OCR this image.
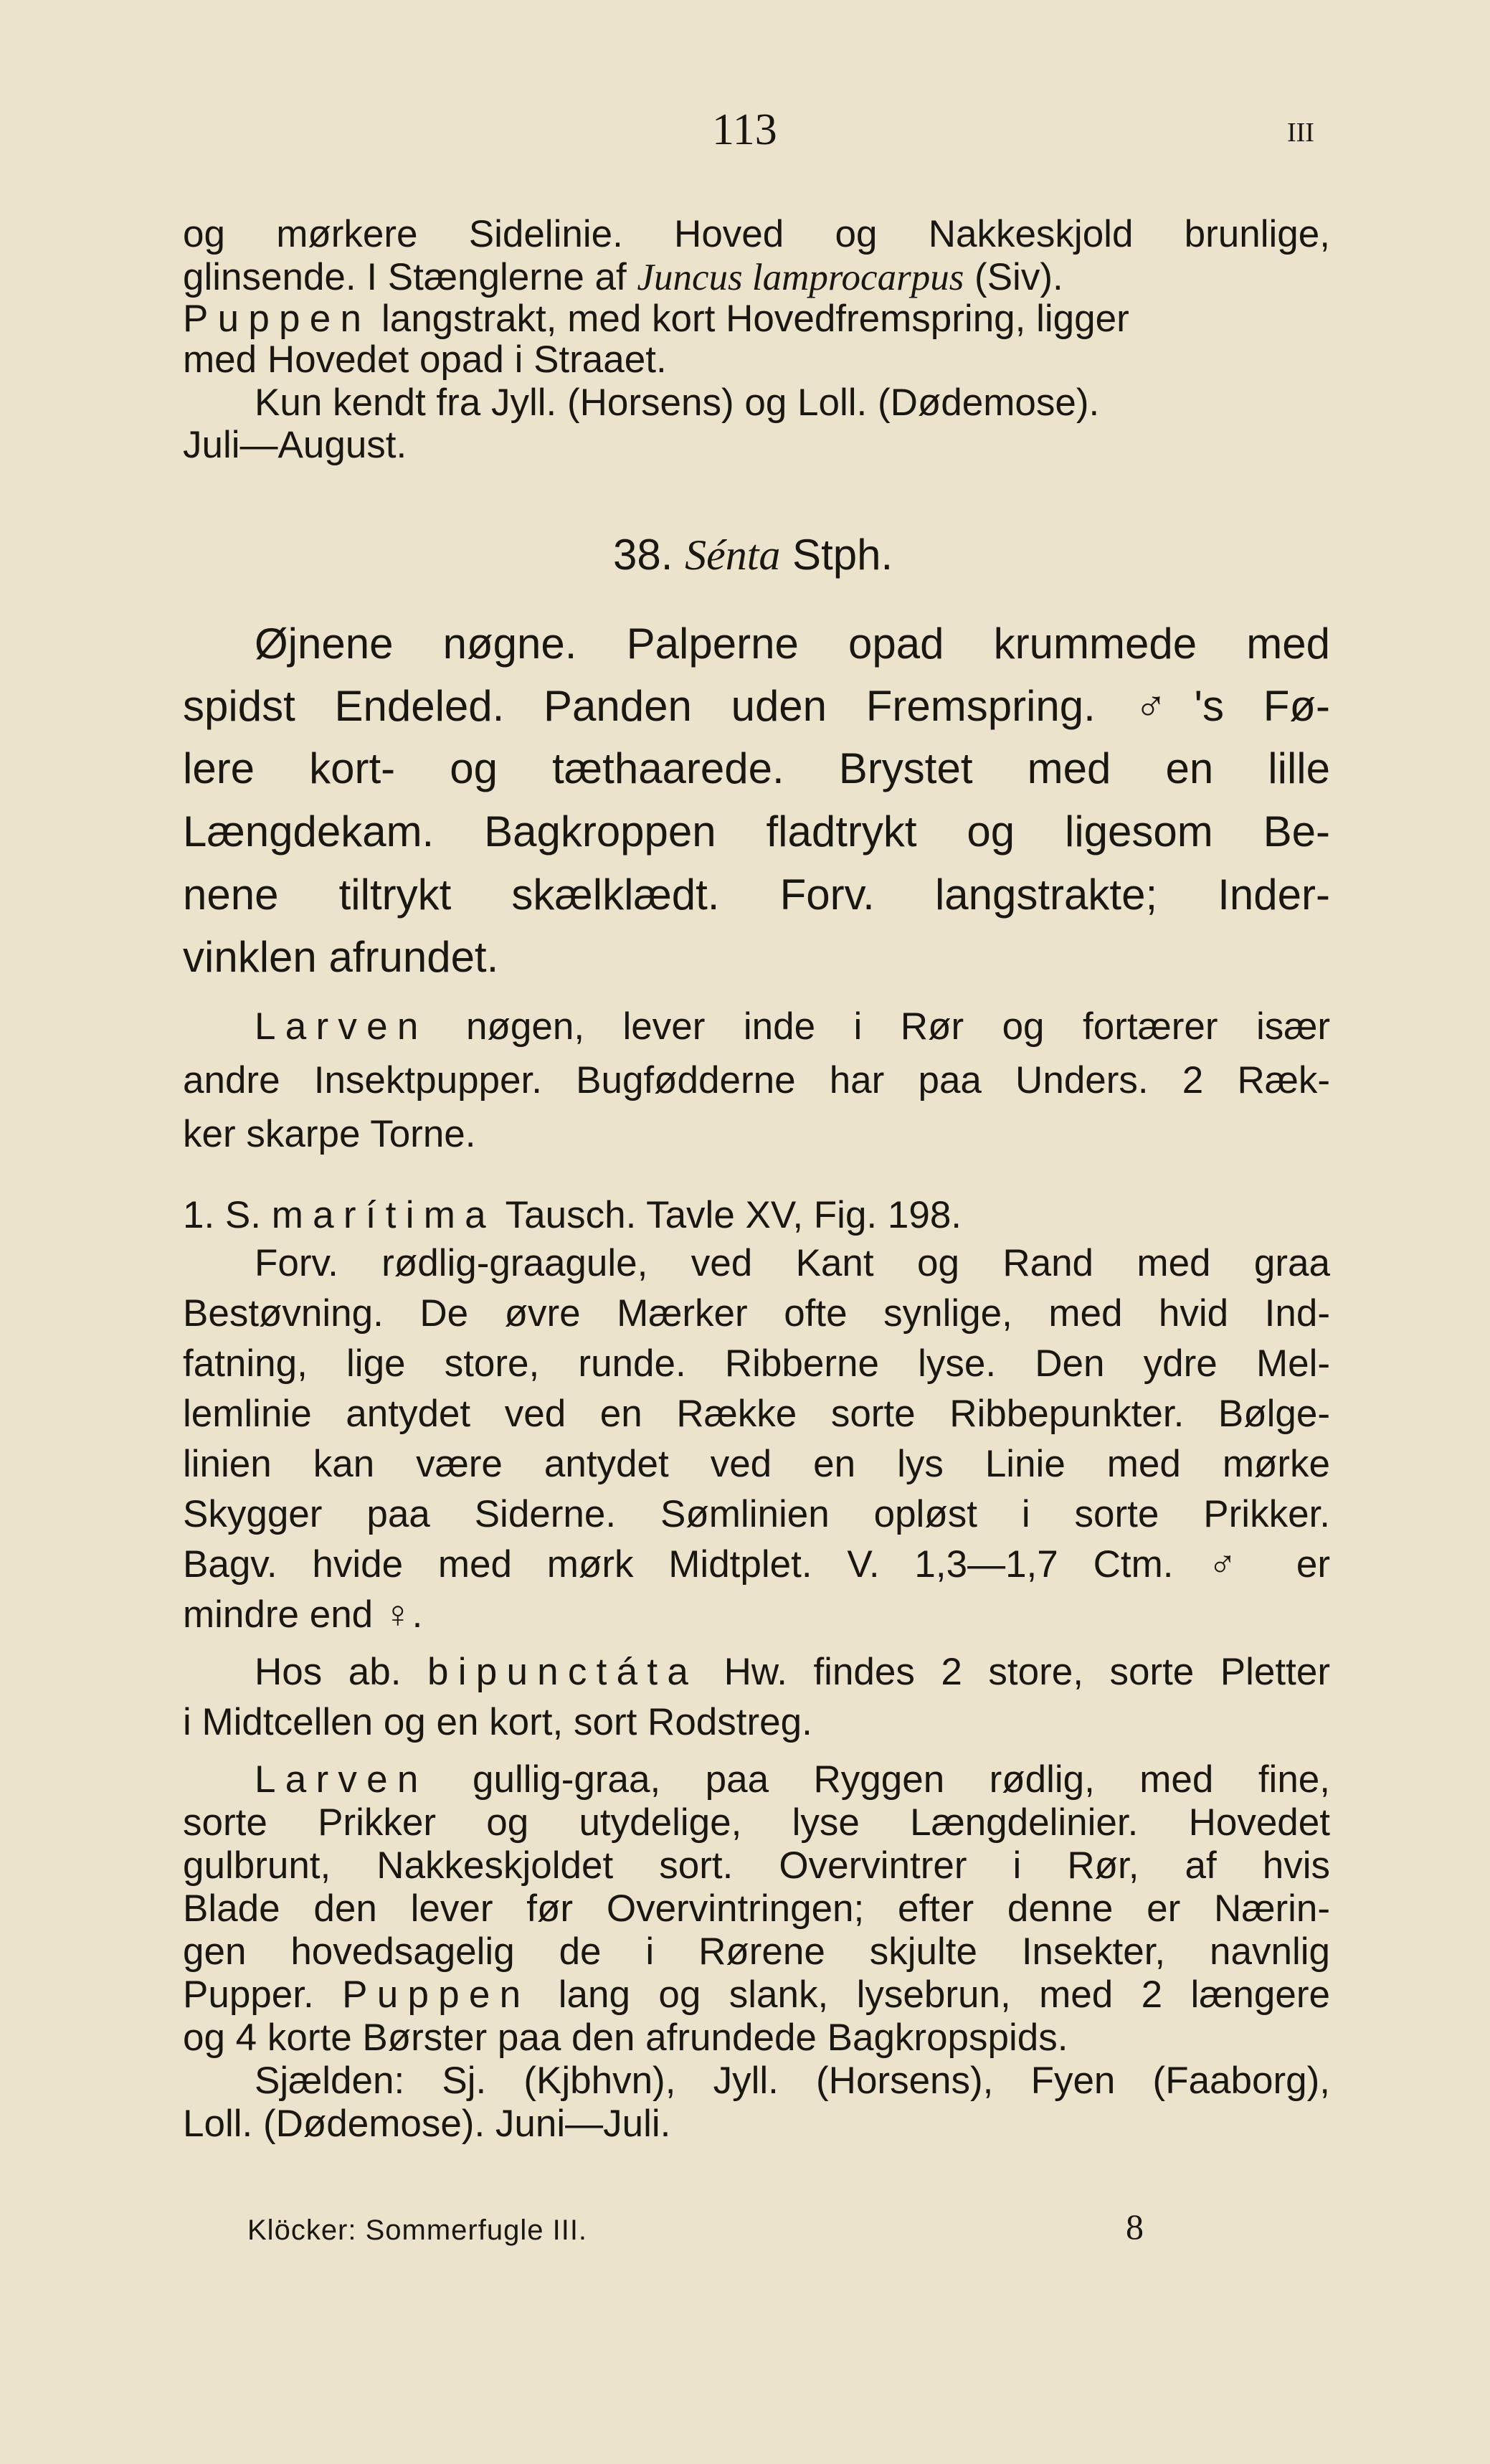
113	III
og mørkere Sidelinie. Hoved og Nakkeskjold brunlige,
glinsende. I Stænglerne af Juncus lamprocarpus (Siv).
Puppen langstrakt, med kort Hovedfremspring, ligger
med Hovedet opad i Straaet.
Kun kendt fra Jyll. (Horsens) og Loll. (Dødemose).
Juli—August.
38. Sénta Stph.
Øjnene nøgne. Palperne opad krummede med
spidst Endeled. Panden uden Fremspring. ♂'s Fø-
lere kort- og tæthaarede. Brystet med en lille
Længdekam. Bagkroppen fladtrykt og ligesom Be-
nene tiltrykt skælklædt. Forv. langstrakte; Inder-
vinklen afrundet.
Larven nøgen, lever inde i Rør og fortærer især
andre Insektpupper. Bugfødderne har paa Unders. 2 Ræk-
ker skarpe Torne.
1. S. marítima Tausch. Tavle XV, Fig. 198.
Forv. rødlig-graagule, ved Kant og Rand med graa
Bestøvning. De øvre Mærker ofte synlige, med hvid Ind-
fatning, lige store, runde. Ribberne lyse. Den ydre Mel-
lemlinie antydet ved en Række sorte Ribbepunkter. Bølge-
linien kan være antydet ved en lys Linie med mørke
Skygger paa Siderne. Sømlinien opløst i sorte Prikker.
Bagv. hvide med mørk Midtplet. V. 1,3—1,7 Ctm. ♂ er
mindre end ♀.
Hos ab. bipunctáta Hw. findes 2 store, sorte Pletter
i Midtcellen og en kort, sort Rodstreg.
Larven gullig-graa, paa Ryggen rødlig, med fine,
sorte Prikker og utydelige, lyse Længdelinier. Hovedet
gulbrunt, Nakkeskjoldet sort. Overvintrer i Rør, af hvis
Blade den lever før Overvintringen; efter denne er Nærin-
gen hovedsagelig de i Rørene skjulte Insekter, navnlig
Pupper. Puppen lang og slank, lysebrun, med 2 længere
og 4 korte Børster paa den afrundede Bagkropspids.
Sjælden: Sj. (Kjbhvn), Jyll. (Horsens), Fyen (Faaborg),
Loll. (Dødemose). Juni—Juli.
Klöcker: Sommerfugle III.	8
